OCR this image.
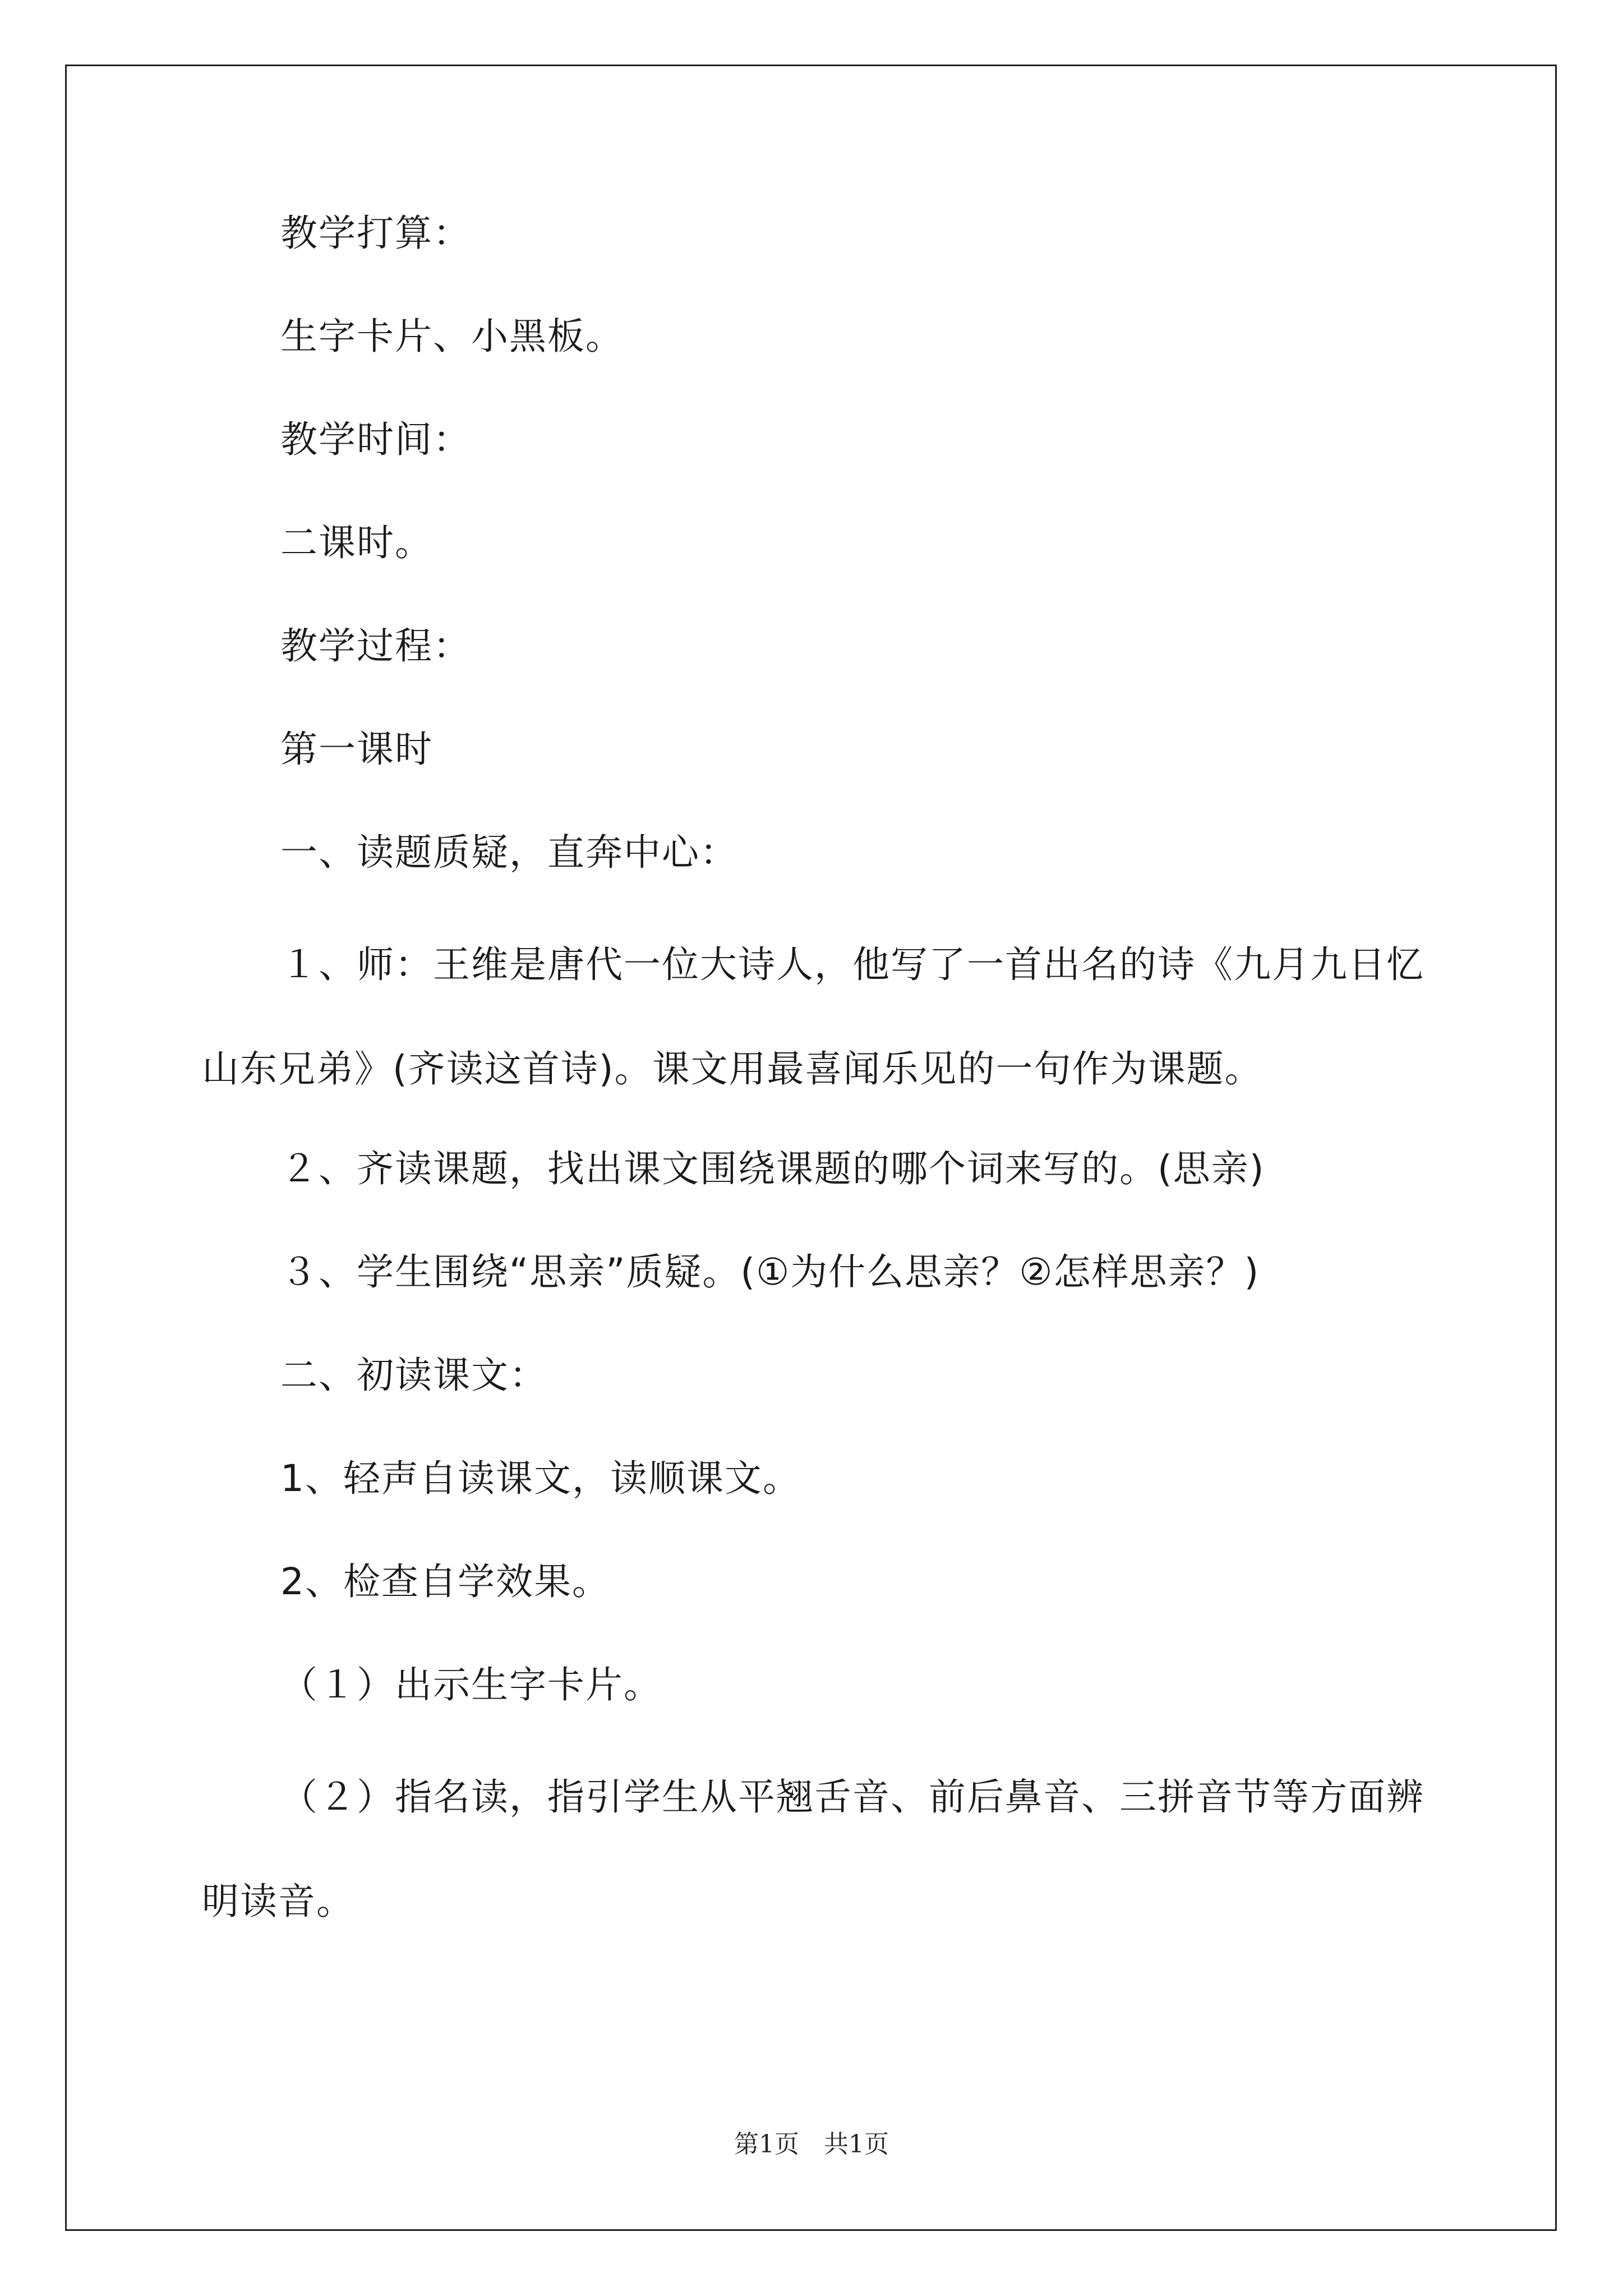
教学打算：
生字卡片、小黑板。
教学时间：
二课时。
教学过程：
第一课时
一、读题质疑，直奔中心：
１、师：王维是唐代一位大诗人，他写了一首出名的诗《九月九日忆山东兄弟》(齐读这首诗)。课文用最喜闻乐见的一句作为课题。
２、齐读课题，找出课文围绕课题的哪个词来写的。(思亲)
３、学生围绕“思亲”质疑。(①为什么思亲？②怎样思亲？)
二、初读课文：
1、轻声自读课文，读顺课文。
2、检查自学效果。
（１）出示生字卡片。
（２）指名读，指引学生从平翘舌音、前后鼻音、三拼音节等方面辨明读音。
第1页　共1页
